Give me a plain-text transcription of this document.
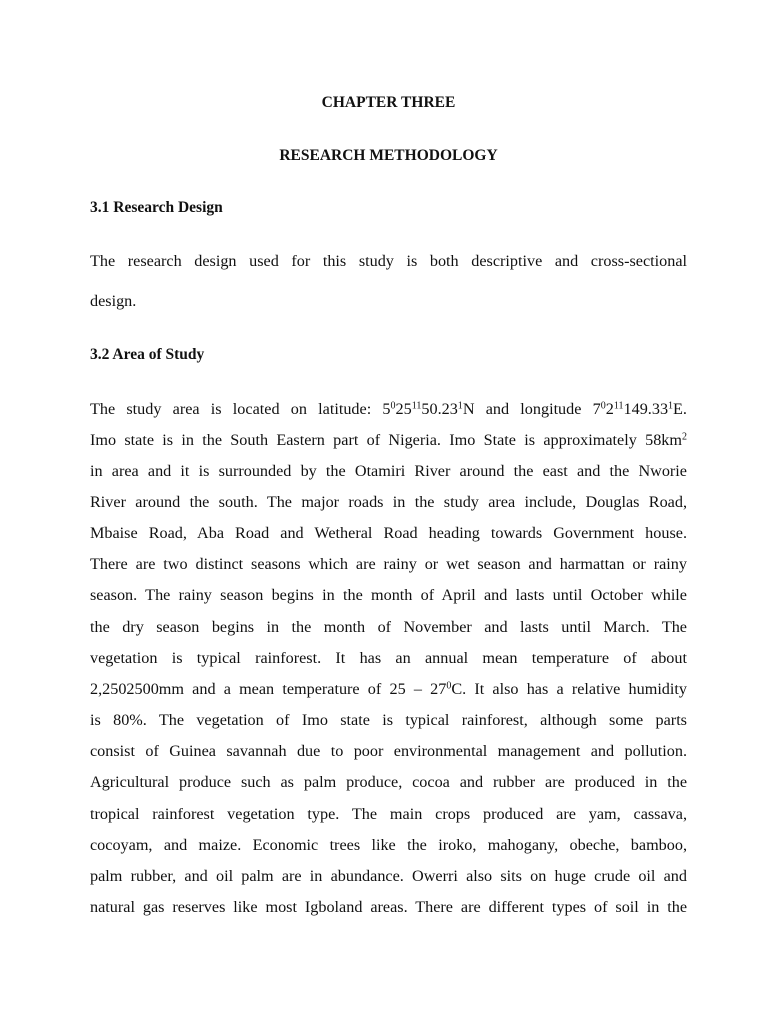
CHAPTER THREE
RESEARCH METHODOLOGY
3.1 Research Design

The research design used for this study is both descriptive and cross-sectional

design.

3.2 Area of Study

The study area is located on latitude: $5^025^{11}50.23^1N$ and longitude $7^02^{11}149.33^1E$.

Imo state is in the South Eastern part of Nigeria. Imo State is approximately $58km^2$

in area and it is surrounded by the Otamiri River around the east and the Nworie

River around the south. The major roads in the study area include, Douglas Road,

Mbaise Road, Aba Road and Wetheral Road heading towards Government house.

There are two distinct seasons which are rainy or wet season and harmattan or rainy

season. The rainy season begins in the month of April and lasts until October while

the dry season begins in the month of November and lasts until March. The

vegetation is typical rainforest. It has an annual mean temperature of about

2,2502500mm and a mean temperature of $25 - 27^0C$. It also has a relative humidity

is 80%. The vegetation of Imo state is typical rainforest, although some parts

consist of Guinea savannah due to poor environmental management and pollution.

Agricultural produce such as palm produce, cocoa and rubber are produced in the

tropical rainforest vegetation type. The main crops produced are yam, cassava,

cocoyam, and maize. Economic trees like the iroko, mahogany, obeche, bamboo,

palm rubber, and oil palm are in abundance. Owerri also sits on huge crude oil and

natural gas reserves like most Igboland areas. There are different types of soil in the
